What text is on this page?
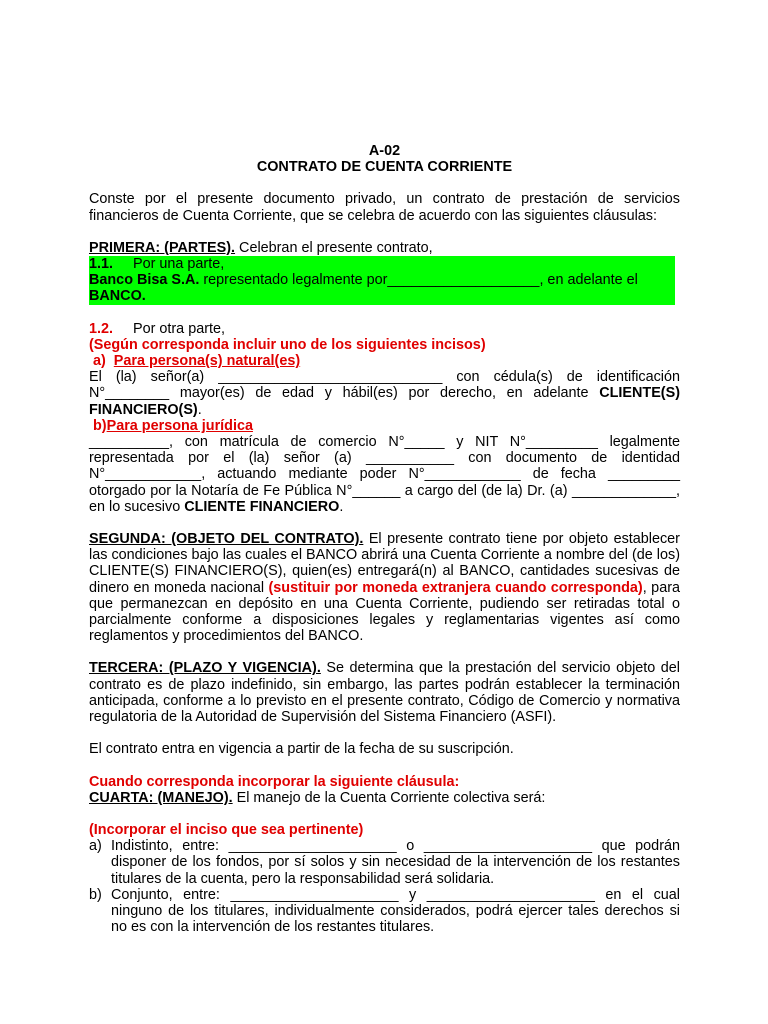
A-02

CONTRATO DE CUENTA CORRIENTE

Conste por el presente documento privado, un contrato de prestación de servicios financieros de Cuenta Corriente, que se celebra de acuerdo con las siguientes cláusulas:

PRIMERA: (PARTES). Celebran el presente contrato,

1.1. Por una parte,
Banco Bisa S.A. representado legalmente por___________________, en adelante el BANCO.

1.2. Por otra parte,

(Según corresponda incluir uno de los siguientes incisos)

a) Para persona(s) natural(es)

El (la) señor(a) ____________________________ con cédula(s) de identificación N°________ mayor(es) de edad y hábil(es) por derecho, en adelante CLIENTE(S) FINANCIERO(S).

b)Para persona jurídica

__________, con matrícula de comercio N°_____ y NIT N°_________ legalmente representada por el (la) señor (a) ___________ con documento de identidad N°____________, actuando mediante poder N°____________ de fecha _________ otorgado por la Notaría de Fe Pública N°______ a cargo del (de la) Dr. (a) _____________, en lo sucesivo CLIENTE FINANCIERO.

SEGUNDA: (OBJETO DEL CONTRATO). El presente contrato tiene por objeto establecer las condiciones bajo las cuales el BANCO abrirá una Cuenta Corriente a nombre del (de los) CLIENTE(S) FINANCIERO(S), quien(es) entregará(n) al BANCO, cantidades sucesivas de dinero en moneda nacional (sustituir por moneda extranjera cuando corresponda), para que permanezcan en depósito en una Cuenta Corriente, pudiendo ser retiradas total o parcialmente conforme a disposiciones legales y reglamentarias vigentes así como reglamentos y procedimientos del BANCO.

TERCERA: (PLAZO Y VIGENCIA). Se determina que la prestación del servicio objeto del contrato es de plazo indefinido, sin embargo, las partes podrán establecer la terminación anticipada, conforme a lo previsto en el presente contrato, Código de Comercio y normativa regulatoria de la Autoridad de Supervisión del Sistema Financiero (ASFI).

El contrato entra en vigencia a partir de la fecha de su suscripción.

Cuando corresponda incorporar la siguiente cláusula:

CUARTA: (MANEJO). El manejo de la Cuenta Corriente colectiva será:

(Incorporar el inciso que sea pertinente)

a) Indistinto, entre: _____________________ o _____________________ que podrán disponer de los fondos, por sí solos y sin necesidad de la intervención de los restantes titulares de la cuenta, pero la responsabilidad será solidaria.
b) Conjunto, entre: _____________________ y _____________________ en el cual ninguno de los titulares, individualmente considerados, podrá ejercer tales derechos si no es con la intervención de los restantes titulares.
